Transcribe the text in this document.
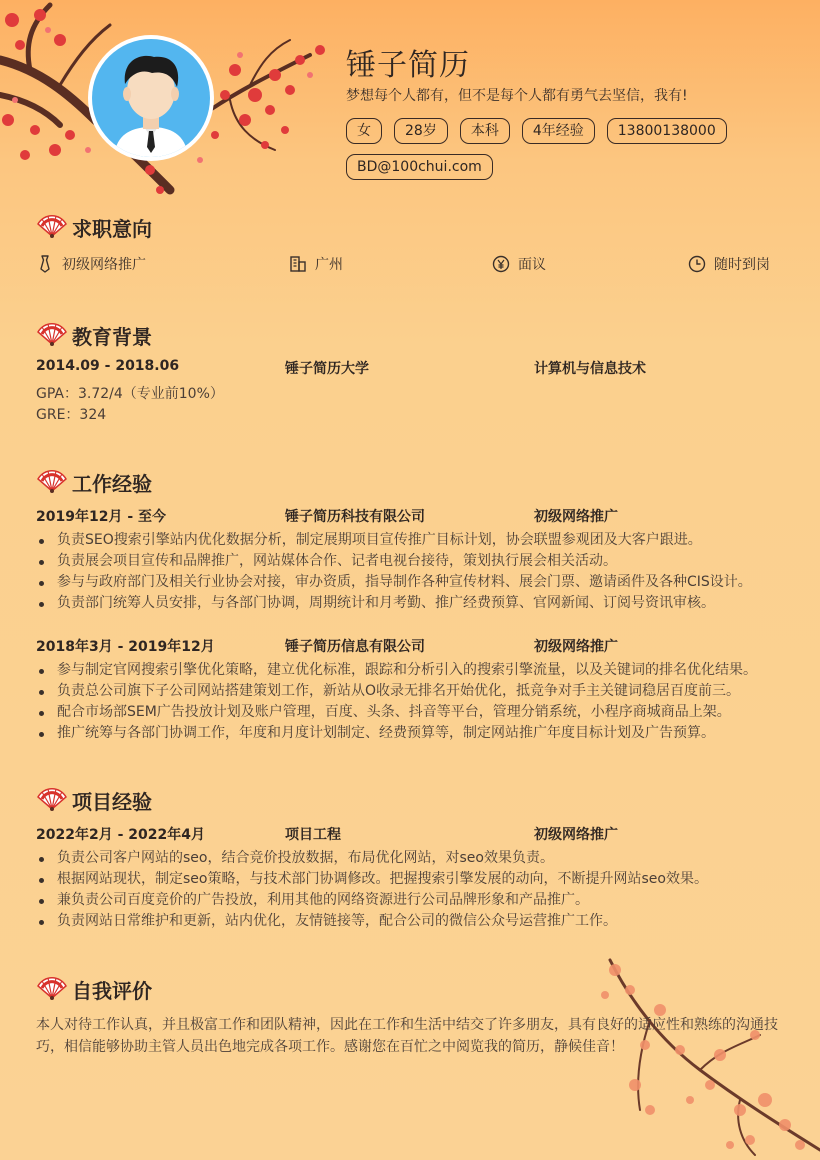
锤子简历
梦想每个人都有，但不是每个人都有勇气去坚信，我有!
女	28岁	本科	4年经验	13800138000
BD@100chui.com
求职意向
初级网络推广	广州	面议	随时到岗
教育背景
2014.09 - 2018.06	锤子简历大学	计算机与信息技术
GPA：3.72/4（专业前10%）
GRE：324
工作经验
2019年12月 - 至今	锤子简历科技有限公司	初级网络推广
负责SEO搜索引擎站内优化数据分析，制定展期项目宣传推广目标计划，协会联盟参观团及大客户跟进。
负责展会项目宣传和品牌推广，网站媒体合作、记者电视台接待，策划执行展会相关活动。
参与与政府部门及相关行业协会对接，审办资质，指导制作各种宣传材料、展会门票、邀请函件及各种CIS设计。
负责部门统筹人员安排，与各部门协调，周期统计和月考勤、推广经费预算、官网新闻、订阅号资讯审核。
2018年3月 - 2019年12月	锤子简历信息有限公司	初级网络推广
参与制定官网搜索引擎优化策略，建立优化标准，跟踪和分析引入的搜索引擎流量，以及关键词的排名优化结果。
负责总公司旗下子公司网站搭建策划工作，新站从O收录无排名开始优化，抵竞争对手主关键词稳居百度前三。
配合市场部SEM广告投放计划及账户管理，百度、头条、抖音等平台，管理分销系统，小程序商城商品上架。
推广统筹与各部门协调工作，年度和月度计划制定、经费预算等，制定网站推广年度目标计划及广告预算。
项目经验
2022年2月 - 2022年4月	项目工程	初级网络推广
负责公司客户网站的seo，结合竞价投放数据，布局优化网站，对seo效果负责。
根据网站现状，制定seo策略，与技术部门协调修改。把握搜索引擎发展的动向，不断提升网站seo效果。
兼负责公司百度竞价的广告投放，利用其他的网络资源进行公司品牌形象和产品推广。
负责网站日常维护和更新，站内优化，友情链接等，配合公司的微信公众号运营推广工作。
自我评价
本人对待工作认真，并且极富工作和团队精神，因此在工作和生活中结交了许多朋友，具有良好的适应性和熟练的沟通技巧，相信能够协助主管人员出色地完成各项工作。感谢您在百忙之中阅览我的简历，静候佳音！
